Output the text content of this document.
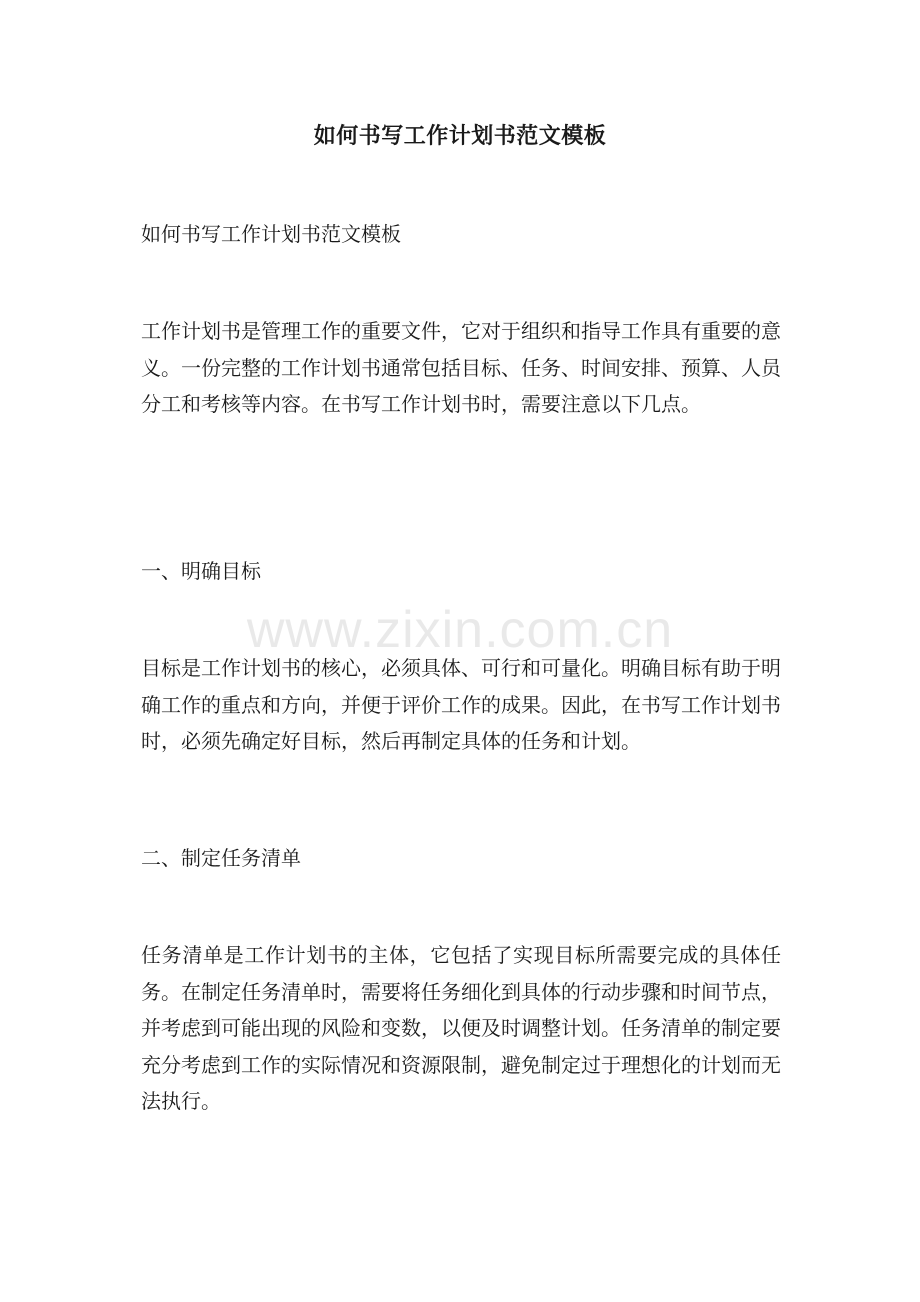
如何书写工作计划书范文模板
如何书写工作计划书范文模板
工作计划书是管理工作的重要文件，它对于组织和指导工作具有重要的意义。一份完整的工作计划书通常包括目标、任务、时间安排、预算、人员分工和考核等内容。在书写工作计划书时，需要注意以下几点。
一、明确目标
目标是工作计划书的核心，必须具体、可行和可量化。明确目标有助于明确工作的重点和方向，并便于评价工作的成果。因此，在书写工作计划书时，必须先确定好目标，然后再制定具体的任务和计划。
二、制定任务清单
任务清单是工作计划书的主体，它包括了实现目标所需要完成的具体任务。在制定任务清单时，需要将任务细化到具体的行动步骤和时间节点，并考虑到可能出现的风险和变数，以便及时调整计划。任务清单的制定要充分考虑到工作的实际情况和资源限制，避免制定过于理想化的计划而无法执行。
www.zixin.com.cn
